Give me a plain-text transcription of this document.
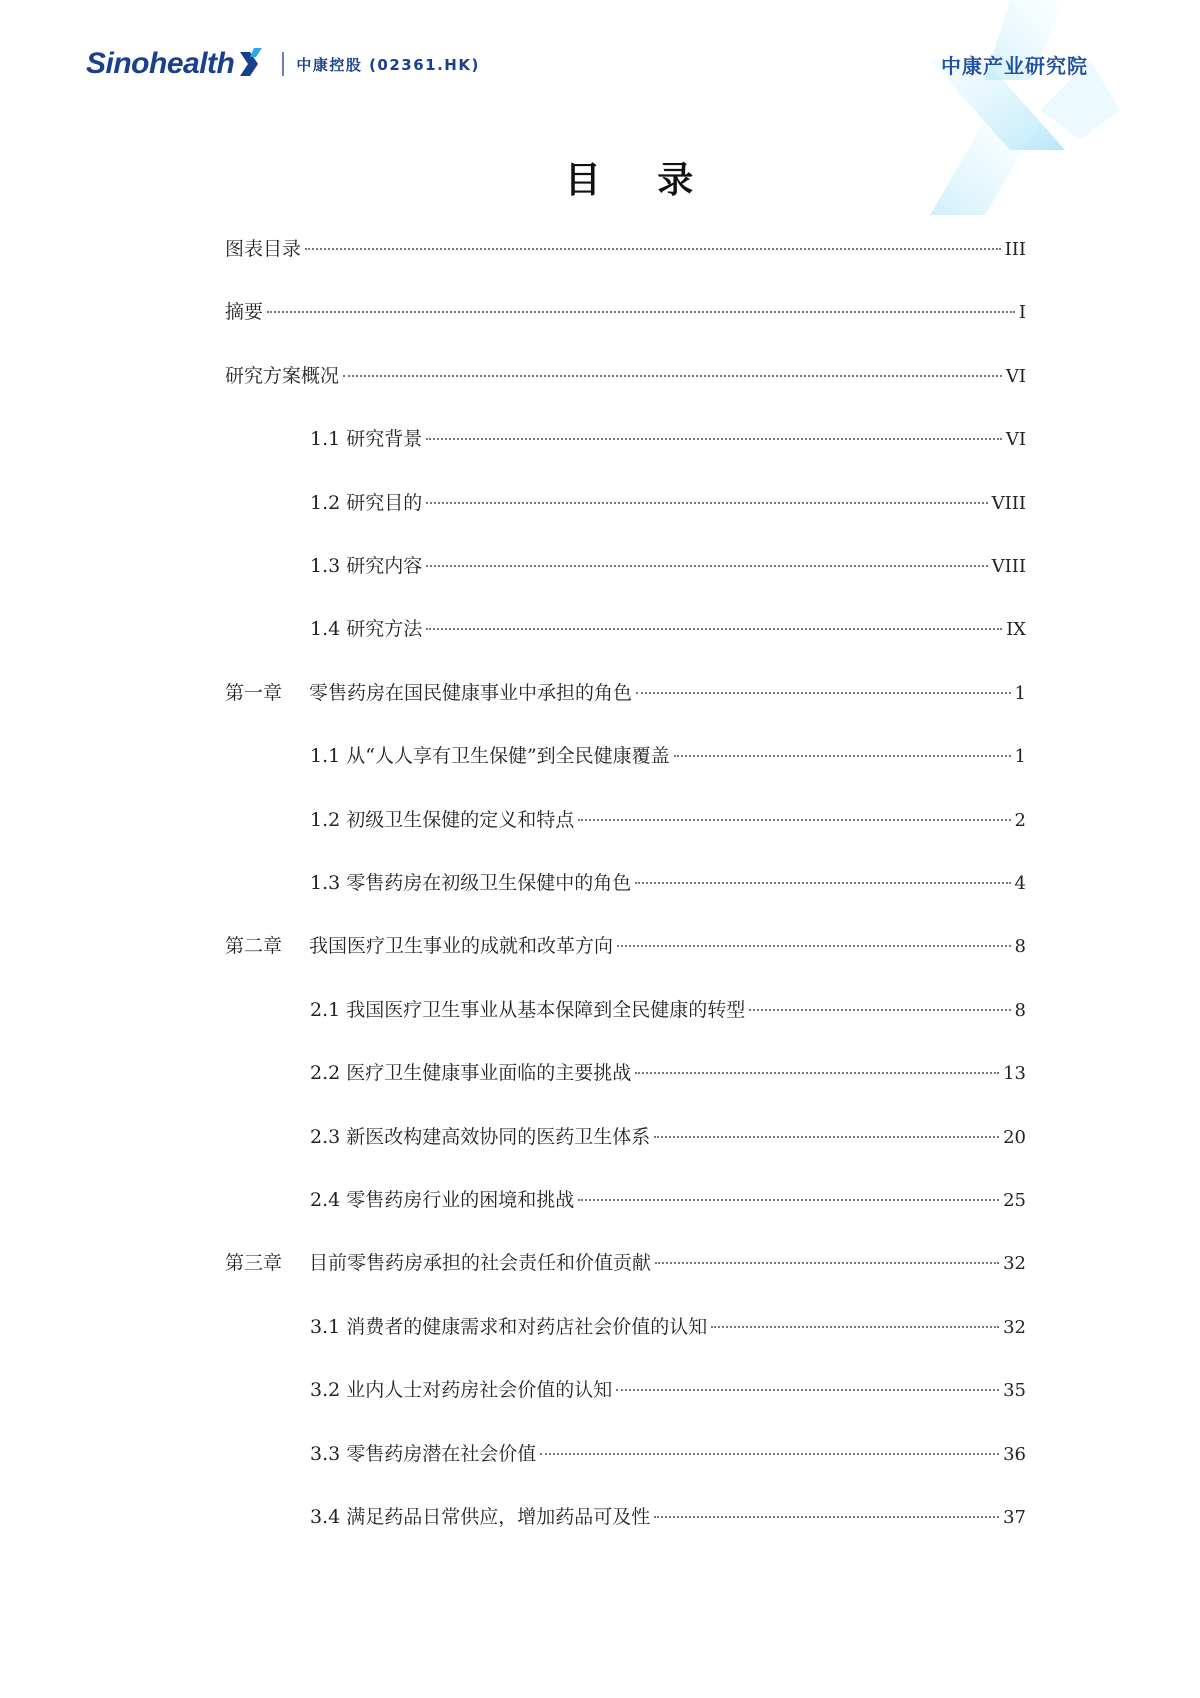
Sinohealth	中康控股 (02361.HK)	中康产业研究院
目 录
图表目录	III
摘要	I
研究方案概况	VI
1.1 研究背景	VI
1.2 研究目的	VIII
1.3 研究内容	VIII
1.4 研究方法	IX
第一章	零售药房在国民健康事业中承担的角色	1
1.1 从“人人享有卫生保健”到全民健康覆盖	1
1.2 初级卫生保健的定义和特点	2
1.3 零售药房在初级卫生保健中的角色	4
第二章	我国医疗卫生事业的成就和改革方向	8
2.1 我国医疗卫生事业从基本保障到全民健康的转型	8
2.2 医疗卫生健康事业面临的主要挑战	13
2.3 新医改构建高效协同的医药卫生体系	20
2.4 零售药房行业的困境和挑战	25
第三章	目前零售药房承担的社会责任和价值贡献	32
3.1 消费者的健康需求和对药店社会价值的认知	32
3.2 业内人士对药房社会价值的认知	35
3.3 零售药房潜在社会价值	36
3.4 满足药品日常供应，增加药品可及性	37
